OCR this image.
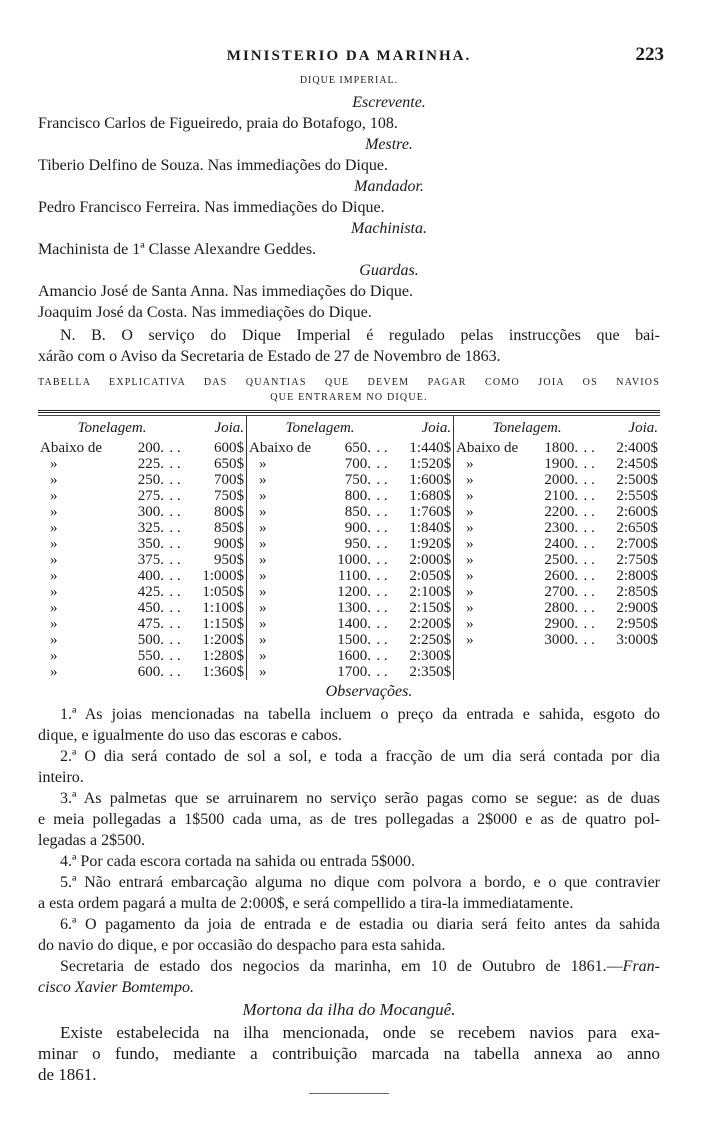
MINISTERIO DA MARINHA.	223
DIQUE IMPERIAL.
Escrevente.
Francisco Carlos de Figueiredo, praia do Botafogo, 108.
Mestre.
Tiberio Delfino de Souza. Nas immediações do Dique.
Mandador.
Pedro Francisco Ferreira. Nas immediações do Dique.
Machinista.
Machinista de 1ª Classe Alexandre Geddes.
Guardas.
Amancio José de Santa Anna. Nas immediações do Dique.
Joaquim José da Costa. Nas immediações do Dique.
N. B. O serviço do Dique Imperial é regulado pelas instrucções que bai-
xárão com o Aviso da Secretaria de Estado de 27 de Novembro de 1863.
TABELLA EXPLICATIVA DAS QUANTIAS QUE DEVEM PAGAR COMO JOIA OS NAVIOS
QUE ENTRAREM NO DIQUE.
Tonelagem.			Joia.	Tonelagem.			Joia.	Tonelagem.			Joia.
Abaixo de	200.	. .	600$	Abaixo de	650.	. .	1:440$	Abaixo de	1800.	. .	2:400$
»	225.	. .	650$	»	700.	. .	1:520$	»	1900.	. .	2:450$
»	250.	. .	700$	»	750.	. .	1:600$	»	2000.	. .	2:500$
»	275.	. .	750$	»	800.	. .	1:680$	»	2100.	. .	2:550$
»	300.	. .	800$	»	850.	. .	1:760$	»	2200.	. .	2:600$
»	325.	. .	850$	»	900.	. .	1:840$	»	2300.	. .	2:650$
»	350.	. .	900$	»	950.	. .	1:920$	»	2400.	. .	2:700$
»	375.	. .	950$	»	1000.	. .	2:000$	»	2500.	. .	2:750$
»	400.	. .	1:000$	»	1100.	. .	2:050$	»	2600.	. .	2:800$
»	425.	. .	1:050$	»	1200.	. .	2:100$	»	2700.	. .	2:850$
»	450.	. .	1:100$	»	1300.	. .	2:150$	»	2800.	. .	2:900$
»	475.	. .	1:150$	»	1400.	. .	2:200$	»	2900.	. .	2:950$
»	500.	. .	1:200$	»	1500.	. .	2:250$	»	3000.	. .	3:000$
»	550.	. .	1:280$	»	1600.	. .	2:300$				
»	600.	. .	1:360$	»	1700.	. .	2:350$				
Observações.
1.ª As joias mencionadas na tabella incluem o preço da entrada e sahida, esgoto do
dique, e igualmente do uso das escoras e cabos.
2.ª O dia será contado de sol a sol, e toda a fracção de um dia será contada por dia
inteiro.
3.ª As palmetas que se arruinarem no serviço serão pagas como se segue: as de duas
e meia pollegadas a 1$500 cada uma, as de tres pollegadas a 2$000 e as de quatro pol-
legadas a 2$500.
4.ª Por cada escora cortada na sahida ou entrada 5$000.
5.ª Não entrará embarcação alguma no dique com polvora a bordo, e o que contravier
a esta ordem pagará a multa de 2:000$, e será compellido a tira-la immediatamente.
6.ª O pagamento da joia de entrada e de estadia ou diaria será feito antes da sahida
do navio do dique, e por occasião do despacho para esta sahida.
Secretaria de estado dos negocios da marinha, em 10 de Outubro de 1861.—Fran-
cisco Xavier Bomtempo.
Mortona da ilha do Mocanguê.
Existe estabelecida na ilha mencionada, onde se recebem navios para exa-
minar o fundo, mediante a contribuição marcada na tabella annexa ao anno
de 1861.
